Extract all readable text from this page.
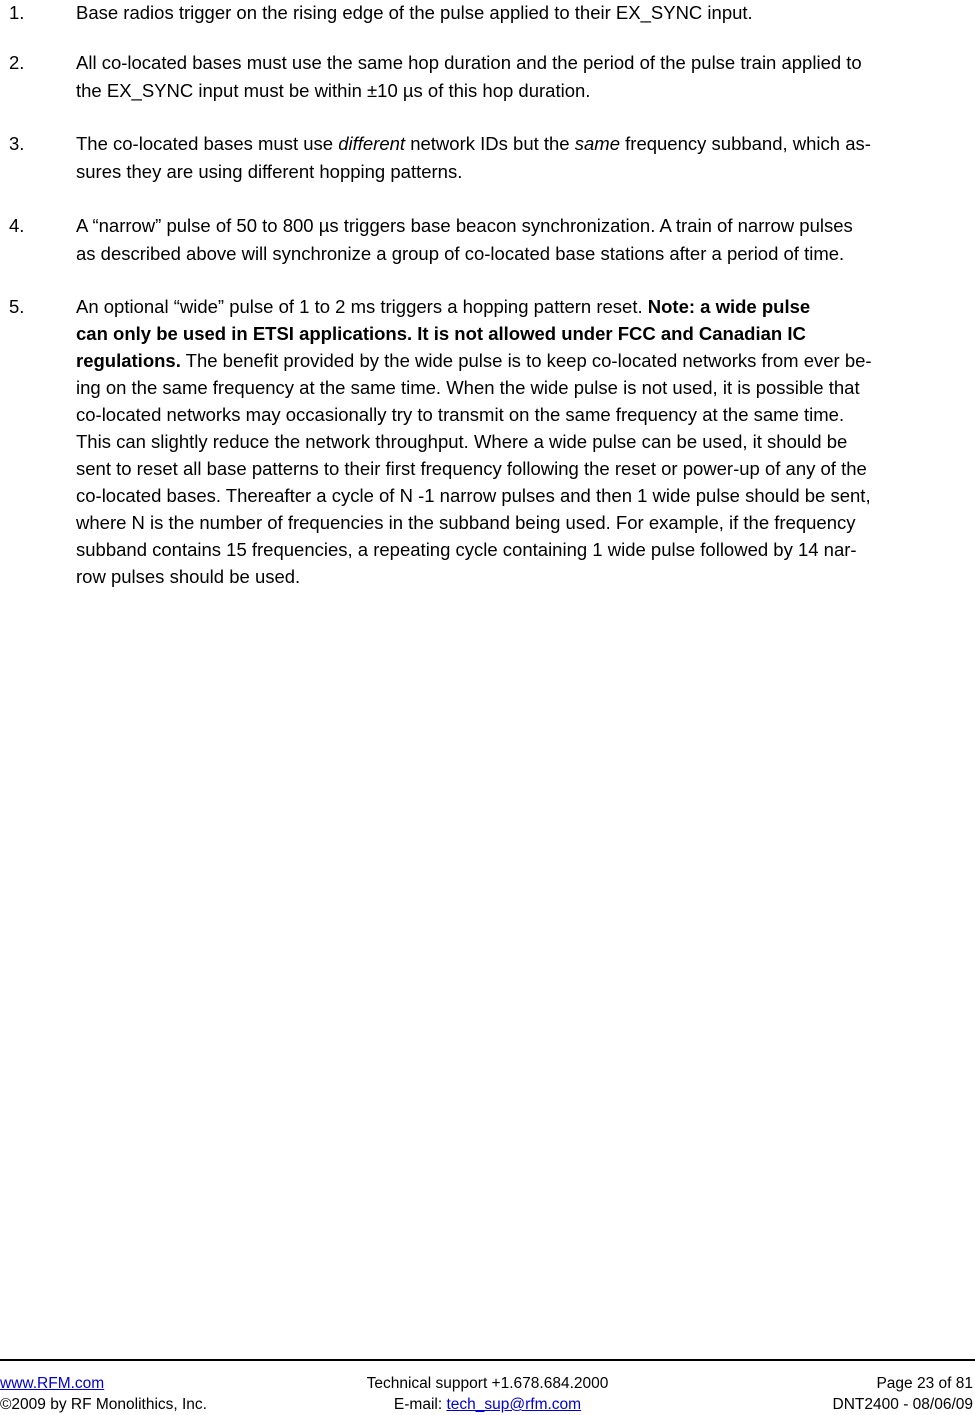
1.	Base radios trigger on the rising edge of the pulse applied to their EX_SYNC input.
2.	All co-located bases must use the same hop duration and the period of the pulse train applied to
the EX_SYNC input must be within ±10 µs of this hop duration.
3.	The co-located bases must use different network IDs but the same frequency subband, which as-
sures they are using different hopping patterns.
4.	A “narrow” pulse of 50 to 800 µs triggers base beacon synchronization. A train of narrow pulses
as described above will synchronize a group of co-located base stations after a period of time.
5.	An optional “wide” pulse of 1 to 2 ms triggers a hopping pattern reset. Note: a wide pulse
can only be used in ETSI applications. It is not allowed under FCC and Canadian IC
regulations. The benefit provided by the wide pulse is to keep co-located networks from ever be-
ing on the same frequency at the same time. When the wide pulse is not used, it is possible that
co-located networks may occasionally try to transmit on the same frequency at the same time.
This can slightly reduce the network throughput. Where a wide pulse can be used, it should be
sent to reset all base patterns to their first frequency following the reset or power-up of any of the
co-located bases. Thereafter a cycle of N -1 narrow pulses and then 1 wide pulse should be sent,
where N is the number of frequencies in the subband being used. For example, if the frequency
subband contains 15 frequencies, a repeating cycle containing 1 wide pulse followed by 14 nar-
row pulses should be used.
www.RFM.com
©2009 by RF Monolithics, Inc.
Technical support +1.678.684.2000
E-mail: tech_sup@rfm.com
Page 23 of 81
DNT2400 - 08/06/09
